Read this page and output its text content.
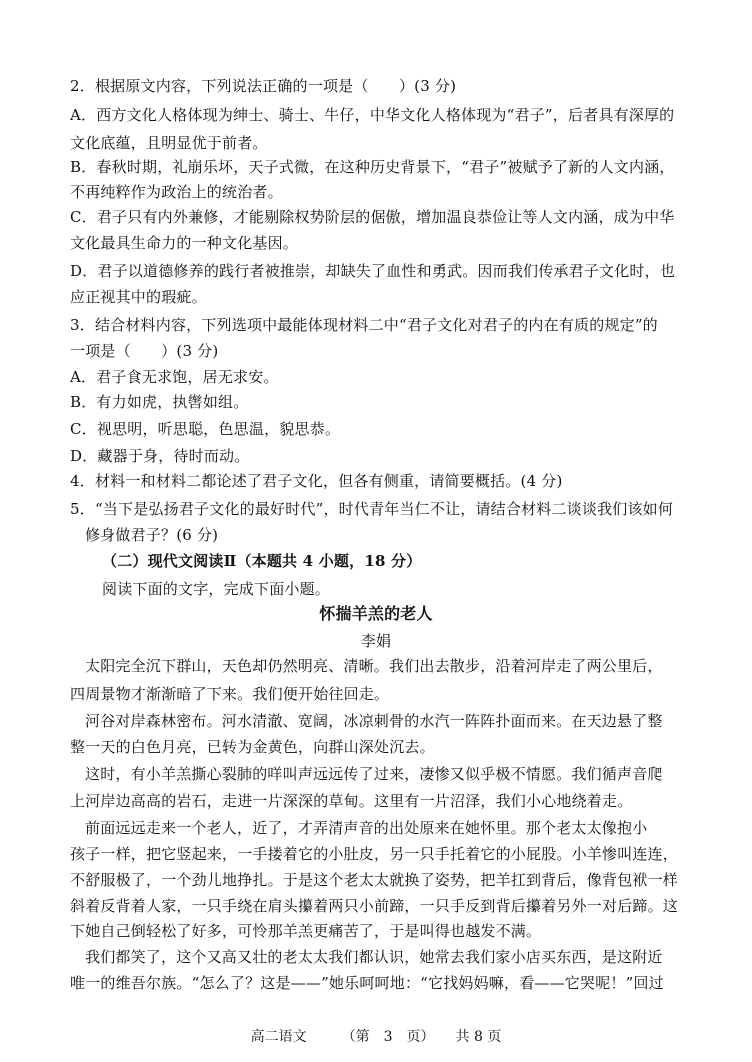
2．根据原文内容，下列说法正确的一项是（　　）(3 分)
A．西方文化人格体现为绅士、骑士、牛仔，中华文化人格体现为“君子”，后者具有深厚的
文化底蕴，且明显优于前者。
B．春秋时期，礼崩乐坏，天子式微，在这种历史背景下，“君子”被赋予了新的人文内涵，
不再纯粹作为政治上的统治者。
C．君子只有内外兼修，才能剔除权势阶层的倨傲，增加温良恭俭让等人文内涵，成为中华
文化最具生命力的一种文化基因。
D．君子以道德修养的践行者被推崇，却缺失了血性和勇武。因而我们传承君子文化时，也
应正视其中的瑕疵。
3．结合材料内容，下列选项中最能体现材料二中“君子文化对君子的内在有质的规定”的
一项是（　　）(3 分)
A．君子食无求饱，居无求安。
B．有力如虎，执辔如组。
C．视思明，听思聪，色思温，貌思恭。
D．藏器于身，待时而动。
4．材料一和材料二都论述了君子文化，但各有侧重，请简要概括。(4 分)
5．“当下是弘扬君子文化的最好时代”，时代青年当仁不让，请结合材料二谈谈我们该如何
修身做君子？(6 分)
（二）现代文阅读Ⅱ（本题共 4 小题，18 分）
阅读下面的文字，完成下面小题。
怀揣羊羔的老人
李娟
太阳完全沉下群山，天色却仍然明亮、清晰。我们出去散步，沿着河岸走了两公里后，
四周景物才渐渐暗了下来。我们便开始往回走。
河谷对岸森林密布。河水清澈、宽阔，冰凉刺骨的水汽一阵阵扑面而来。在天边悬了整
整一天的白色月亮，已转为金黄色，向群山深处沉去。
这时，有小羊羔撕心裂肺的咩叫声远远传了过来，凄惨又似乎极不情愿。我们循声音爬
上河岸边高高的岩石，走进一片深深的草甸。这里有一片沼泽，我们小心地绕着走。
前面远远走来一个老人，近了，才弄清声音的出处原来在她怀里。那个老太太像抱小
孩子一样，把它竖起来，一手搂着它的小肚皮，另一只手托着它的小屁股。小羊惨叫连连，
不舒服极了，一个劲儿地挣扎。于是这个老太太就换了姿势，把羊扛到背后，像背包袱一样
斜着反背着人家，一只手绕在肩头攥着两只小前蹄，一只手反到背后攥着另外一对后蹄。这
下她自己倒轻松了好多，可怜那羊羔更痛苦了，于是叫得也越发不满。
我们都笑了，这个又高又壮的老太太我们都认识，她常去我们家小店买东西，是这附近
唯一的维吾尔族。“怎么了？这是——”她乐呵呵地：“它找妈妈嘛，看——它哭呢！”回过
高二语文　　　（第　3　页）　　共 8 页
